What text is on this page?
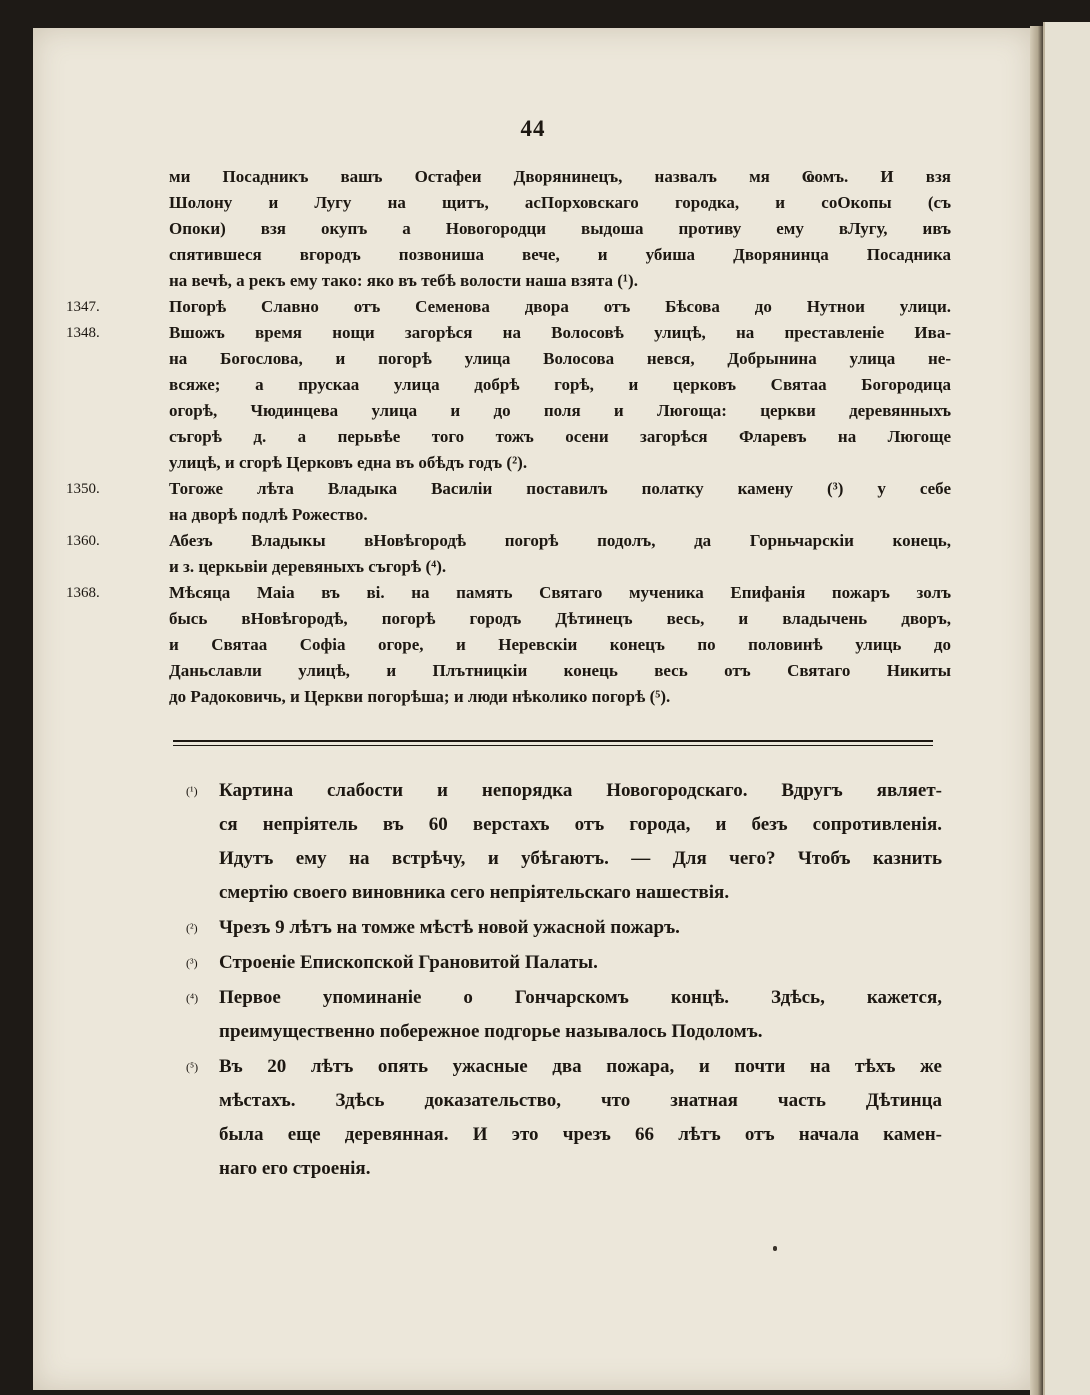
44
ми Посадникъ вашъ Остафеи Дворянинецъ, назвалъ мя Ҩомъ. И взя
Шолону и Лугу на щитъ, асПорховскаго городка, и соОкопы (съ
Опоки) взя окупъ а Новогородци выдоша противу ему вЛугу, ивъ
спятившеся вгородъ позвониша вече, и убиша Дворянинца Посадника
на вечѣ, а рекъ ему тако: яко въ тебѣ волости наша взята (¹).
1347.	Погорѣ Славно отъ Семенова двора отъ Бѣсова до Нутнои улици.
1348.	Вшожъ время нощи загорѣся на Волосовѣ улицѣ, на преставленіе Ива-
на Богослова, и погорѣ улица Волосова невся, Добрынина улица не-
всяже; а прускаа улица добрѣ горѣ, и церковъ Святаа Богородица
огорѣ, Чюдинцева улица и до поля и Люгоща: церкви деревянныхъ
съгорѣ д. а перьвѣе того тожъ осени загорѣся Фларевъ на Люгоще
улицѣ, и сгорѣ Церковъ една въ обѣдъ годъ (²).
1350.	Тогоже лѣта Владыка Василіи поставилъ полатку камену (³) у себе
на дворѣ подлѣ Рожество.
1360.	Абезъ Владыкы вНовѣгородѣ погорѣ подолъ, да Горньчарскіи конець,
и з. церкьвіи деревяныхъ съгорѣ (⁴).
1368.	Мѣсяца Маіа въ ві. на память Святаго мученика Епифанія пожаръ золъ
бысь вНовѣгородѣ, погорѣ городъ Дѣтинецъ весь, и владычень дворъ,
и Святаа Софіа огоре, и Неревскіи конецъ по половинѣ улиць до
Даньславли улицѣ, и Плътницкіи конець весь отъ Святаго Никиты
до Радоковичь, и Церкви погорѣша; и люди нѣколико погорѣ (⁵).
(¹) Картина слабости и непорядка Новогородскаго. Вдругъ являет-
ся непріятель въ 60 верстахъ отъ города, и безъ сопротивленія.
Идутъ ему на встрѣчу, и убѣгаютъ. — Для чего? Чтобъ казнить
смертію своего виновника сего непріятельскаго нашествія.
(²) Чрезъ 9 лѣтъ на томже мѣстѣ новой ужасной пожаръ.
(³) Строеніе Епископской Грановитой Палаты.
(⁴) Первое упоминаніе о Гончарскомъ концѣ. Здѣсь, кажется,
преимущественно побережное подгорье называлось Подоломъ.
(⁵) Въ 20 лѣтъ опять ужасные два пожара, и почти на тѣхъ же
мѣстахъ. Здѣсь доказательство, что знатная часть Дѣтинца
была еще деревянная. И это чрезъ 66 лѣтъ отъ начала камен-
наго его строенія.
